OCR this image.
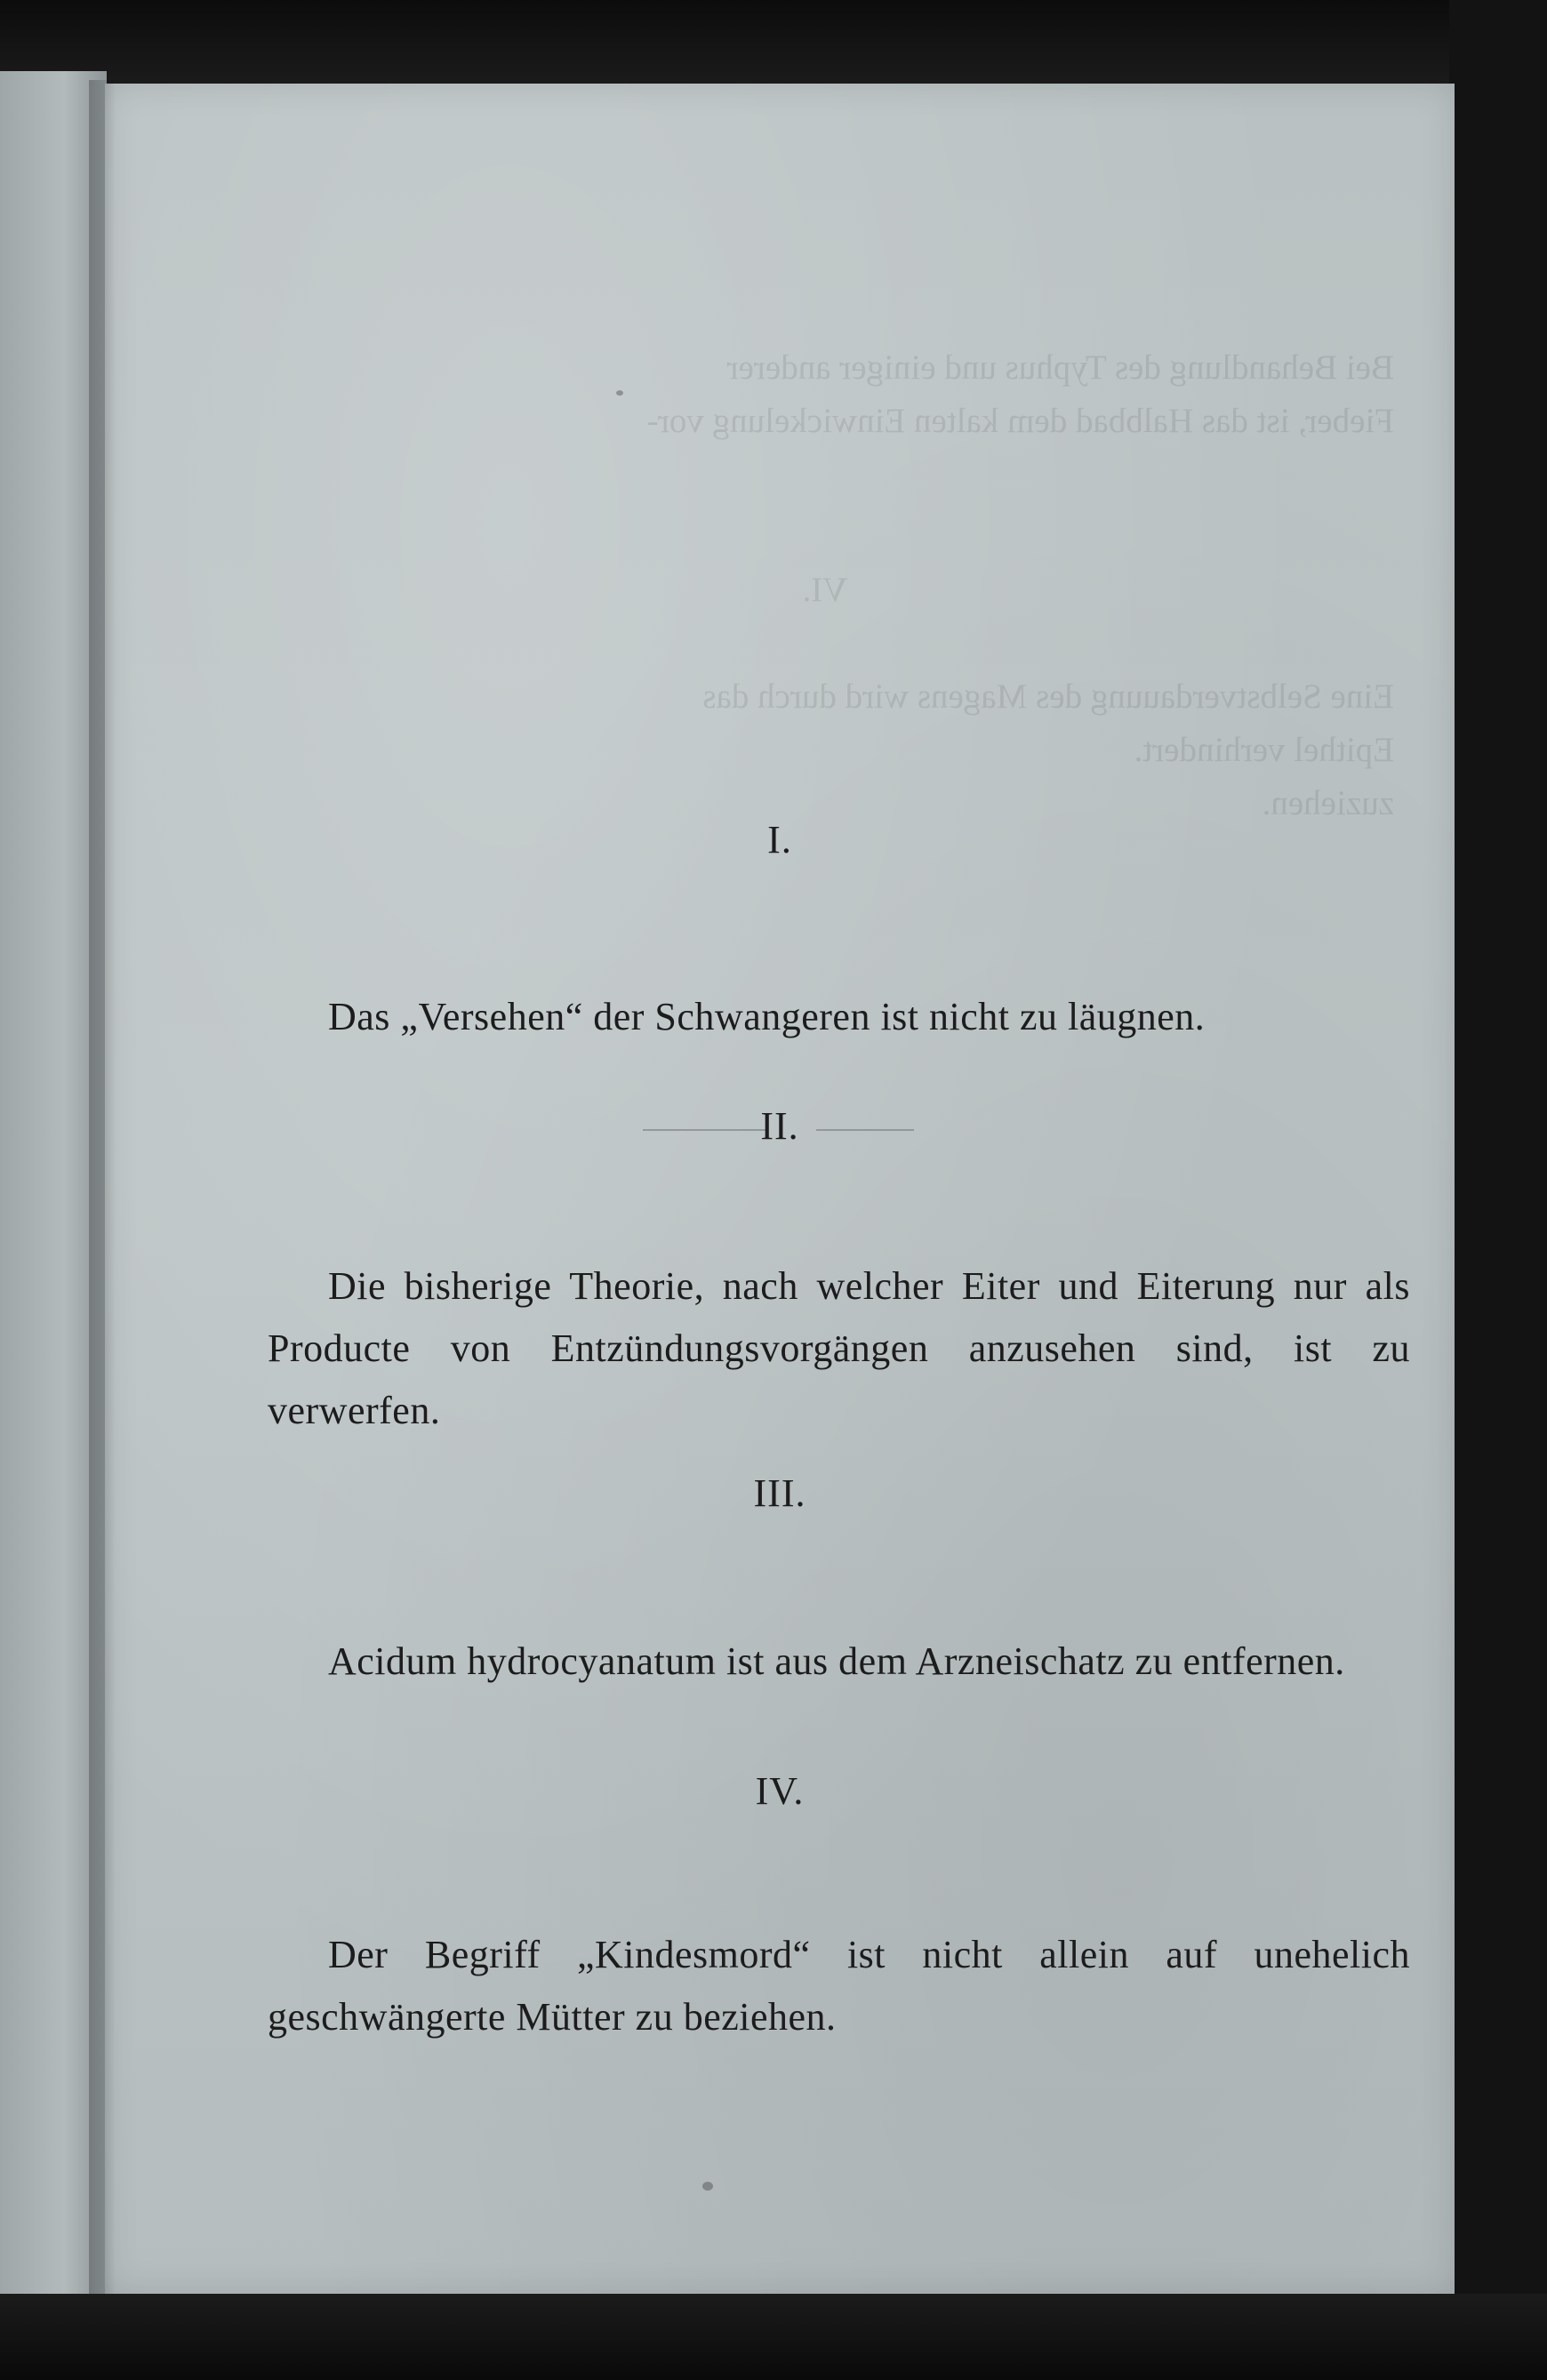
Bei Behandlung des Typhus und einiger anderer
Fieber, ist das Halbbad dem kalten Einwickelung vor-
VI.
Eine Selbstverdauung des Magens wird durch das
Epithel verhindert.
zuziehen.
I.

Das „Versehen“ der Schwangeren ist nicht zu läugnen.

II.

Die bisherige Theorie, nach welcher Eiter und Eiterung nur als Producte von Entzündungsvorgängen anzusehen sind, ist zu verwerfen.

III.

Acidum hydrocyanatum ist aus dem Arzneischatz zu entfernen.

IV.

Der Begriff „Kindesmord“ ist nicht allein auf unehelich geschwängerte Mütter zu beziehen.
